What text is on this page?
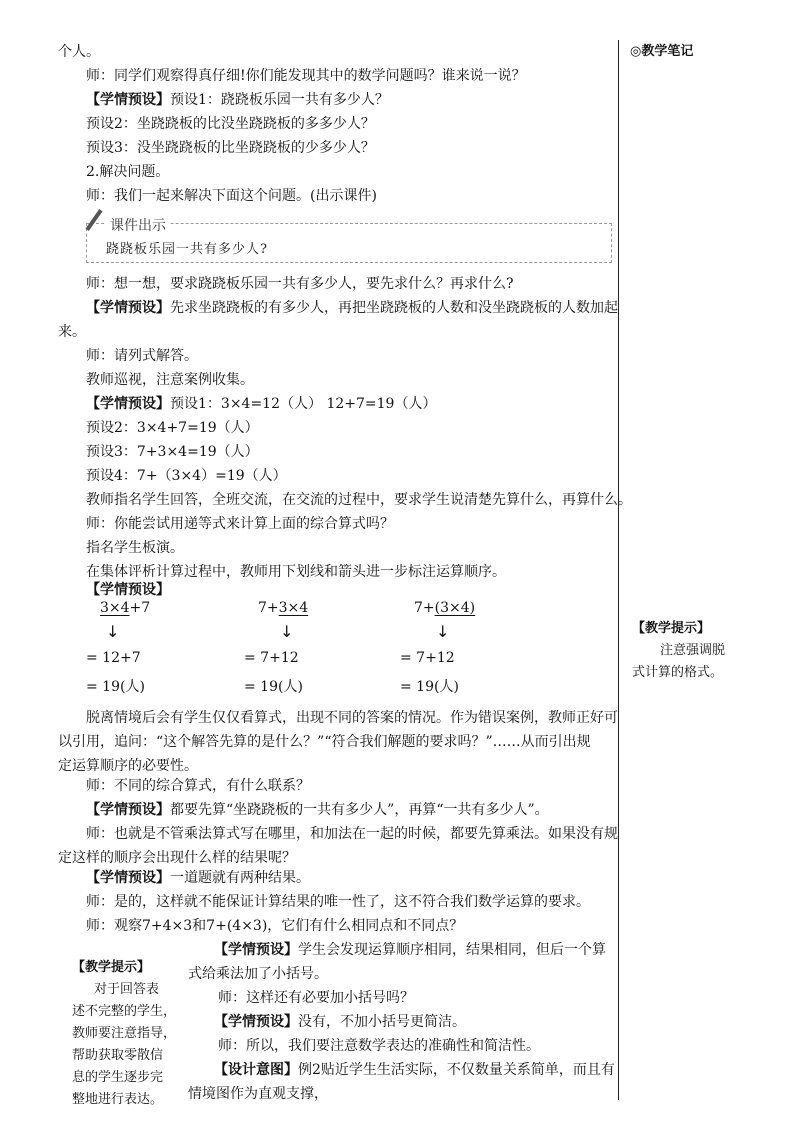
◎教学笔记
个人。
师：同学们观察得真仔细!你们能发现其中的数学问题吗？谁来说一说？
【学情预设】预设1：跷跷板乐园一共有多少人？
预设2：坐跷跷板的比没坐跷跷板的多多少人？
预设3：没坐跷跷板的比坐跷跷板的少多少人？
2.解决问题。
师：我们一起来解决下面这个问题。(出示课件)
师：想一想，要求跷跷板乐园一共有多少人，要先求什么？再求什么?
【学情预设】先求坐跷跷板的有多少人，再把坐跷跷板的人数和没坐跷跷板的人数加起
来。
师：请列式解答。
教师巡视，注意案例收集。
【学情预设】预设1：3×4=12（人） 12+7=19（人）
预设2：3×4+7=19（人）
预设3：7+3×4=19（人）
预设4：7+（3×4）=19（人）
教师指名学生回答，全班交流，在交流的过程中，要求学生说清楚先算什么，再算什么。
师：你能尝试用递等式来计算上面的综合算式吗？
指名学生板演。
在集体评析计算过程中，教师用下划线和箭头进一步标注运算顺序。
【学情预设】
脱离情境后会有学生仅仅看算式，出现不同的答案的情况。作为错误案例，教师正好可
以引用，追问：“这个解答先算的是什么？”“符合我们解题的要求吗？”……从而引出规
定运算顺序的必要性。
师：不同的综合算式，有什么联系？
【学情预设】都要先算“坐跷跷板的一共有多少人”，再算“一共有多少人”。
师：也就是不管乘法算式写在哪里，和加法在一起的时候，都要先算乘法。如果没有规
定这样的顺序会出现什么样的结果呢？
【学情预设】一道题就有两种结果。
师：是的，这样就不能保证计算结果的唯一性了，这不符合我们数学运算的要求。
师：观察7+4×3和7+(4×3)，它们有什么相同点和不同点？
【学情预设】学生会发现运算顺序相同，结果相同，但后一个算
式给乘法加了小括号。
师：这样还有必要加小括号吗？
【学情预设】没有，不加小括号更简洁。
师：所以，我们要注意数学表达的准确性和简洁性。
【设计意图】例2贴近学生生活实际，不仅数量关系简单，而且有
情境图作为直观支撑，
课件出示
跷跷板乐园一共有多少人?
3×4+7
↓
= 12+7
= 19(人)
7+3×4
↓
= 7+12
= 19(人)
7+(3×4)
↓
= 7+12
= 19(人)
【教学提示】
注意强调脱
式计算的格式。
【教学提示】
对于回答表
述不完整的学生，
教师要注意指导，
帮助获取零散信
息的学生逐步完
整地进行表达。
